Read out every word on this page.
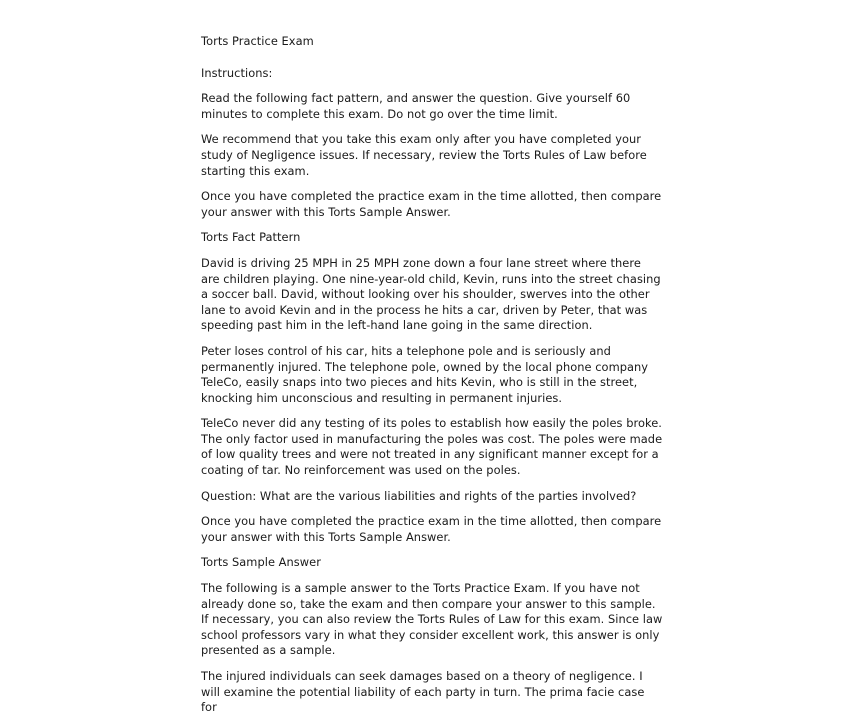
Torts Practice Exam
Instructions:

Read the following fact pattern, and answer the question. Give yourself 60 minutes to complete this exam. Do not go over the time limit.

We recommend that you take this exam only after you have completed your study of Negligence issues. If necessary, review the Torts Rules of Law before starting this exam.

Once you have completed the practice exam in the time allotted, then compare your answer with this Torts Sample Answer.

Torts Fact Pattern

David is driving 25 MPH in 25 MPH zone down a four lane street where there are children playing. One nine-year-old child, Kevin, runs into the street chasing a soccer ball. David, without looking over his shoulder, swerves into the other lane to avoid Kevin and in the process he hits a car, driven by Peter, that was speeding past him in the left-hand lane going in the same direction.

Peter loses control of his car, hits a telephone pole and is seriously and permanently injured. The telephone pole, owned by the local phone company TeleCo, easily snaps into two pieces and hits Kevin, who is still in the street, knocking him unconscious and resulting in permanent injuries.

TeleCo never did any testing of its poles to establish how easily the poles broke. The only factor used in manufacturing the poles was cost. The poles were made of low quality trees and were not treated in any significant manner except for a coating of tar. No reinforcement was used on the poles.

Question: What are the various liabilities and rights of the parties involved?

Once you have completed the practice exam in the time allotted, then compare your answer with this Torts Sample Answer.

Torts Sample Answer

The following is a sample answer to the Torts Practice Exam. If you have not already done so, take the exam and then compare your answer to this sample. If necessary, you can also review the Torts Rules of Law for this exam. Since law school professors vary in what they consider excellent work, this answer is only presented as a sample.

The injured individuals can seek damages based on a theory of negligence. I will examine the potential liability of each party in turn. The prima facie case for
